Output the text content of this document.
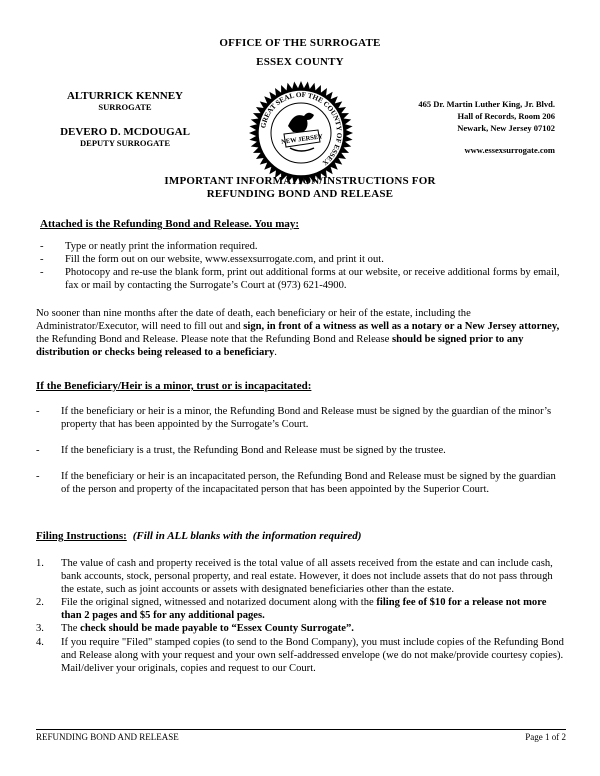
OFFICE OF THE SURROGATE
ESSEX COUNTY
ALTURRICK KENNEY
SURROGATE
DEVERO D. MCDOUGAL
DEPUTY SURROGATE
GREAT SEAL OF THE COUNTY OF ESSEX
NEW JERSEY
465 Dr. Martin Luther King, Jr. Blvd.
Hall of Records, Room 206
Newark, New Jersey 07102
www.essexsurrogate.com
IMPORTANT INFORMATION/INSTRUCTIONS FOR
REFUNDING BOND AND RELEASE
Attached is the Refunding Bond and Release. You may:
- Type or neatly print the information required.
- Fill the form out on our website, www.essexsurrogate.com, and print it out.
- Photocopy and re-use the blank form, print out additional forms at our website, or receive additional forms by email, fax or mail by contacting the Surrogate’s Court at (973) 621-4900.
No sooner than nine months after the date of death, each beneficiary or heir of the estate, including the Administrator/Executor, will need to fill out and sign, in front of a witness as well as a notary or a New Jersey attorney, the Refunding Bond and Release. Please note that the Refunding Bond and Release should be signed prior to any distribution or checks being released to a beneficiary.
If the Beneficiary/Heir is a minor, trust or is incapacitated:
- If the beneficiary or heir is a minor, the Refunding Bond and Release must be signed by the guardian of the minor’s property that has been appointed by the Surrogate’s Court.
- If the beneficiary is a trust, the Refunding Bond and Release must be signed by the trustee.
- If the beneficiary or heir is an incapacitated person, the Refunding Bond and Release must be signed by the guardian of the person and property of the incapacitated person that has been appointed by the Superior Court.
Filing Instructions: (Fill in ALL blanks with the information required)
1. The value of cash and property received is the total value of all assets received from the estate and can include cash, bank accounts, stock, personal property, and real estate. However, it does not include assets that do not pass through the estate, such as joint accounts or assets with designated beneficiaries other than the estate.
2. File the original signed, witnessed and notarized document along with the filing fee of $10 for a release not more than 2 pages and $5 for any additional pages.
3. The check should be made payable to “Essex County Surrogate”.
4. If you require "Filed" stamped copies (to send to the Bond Company), you must include copies of the Refunding Bond and Release along with your request and your own self-addressed envelope (we do not make/provide courtesy copies). Mail/deliver your originals, copies and request to our Court.
REFUNDING BOND AND RELEASE	Page 1 of 2
